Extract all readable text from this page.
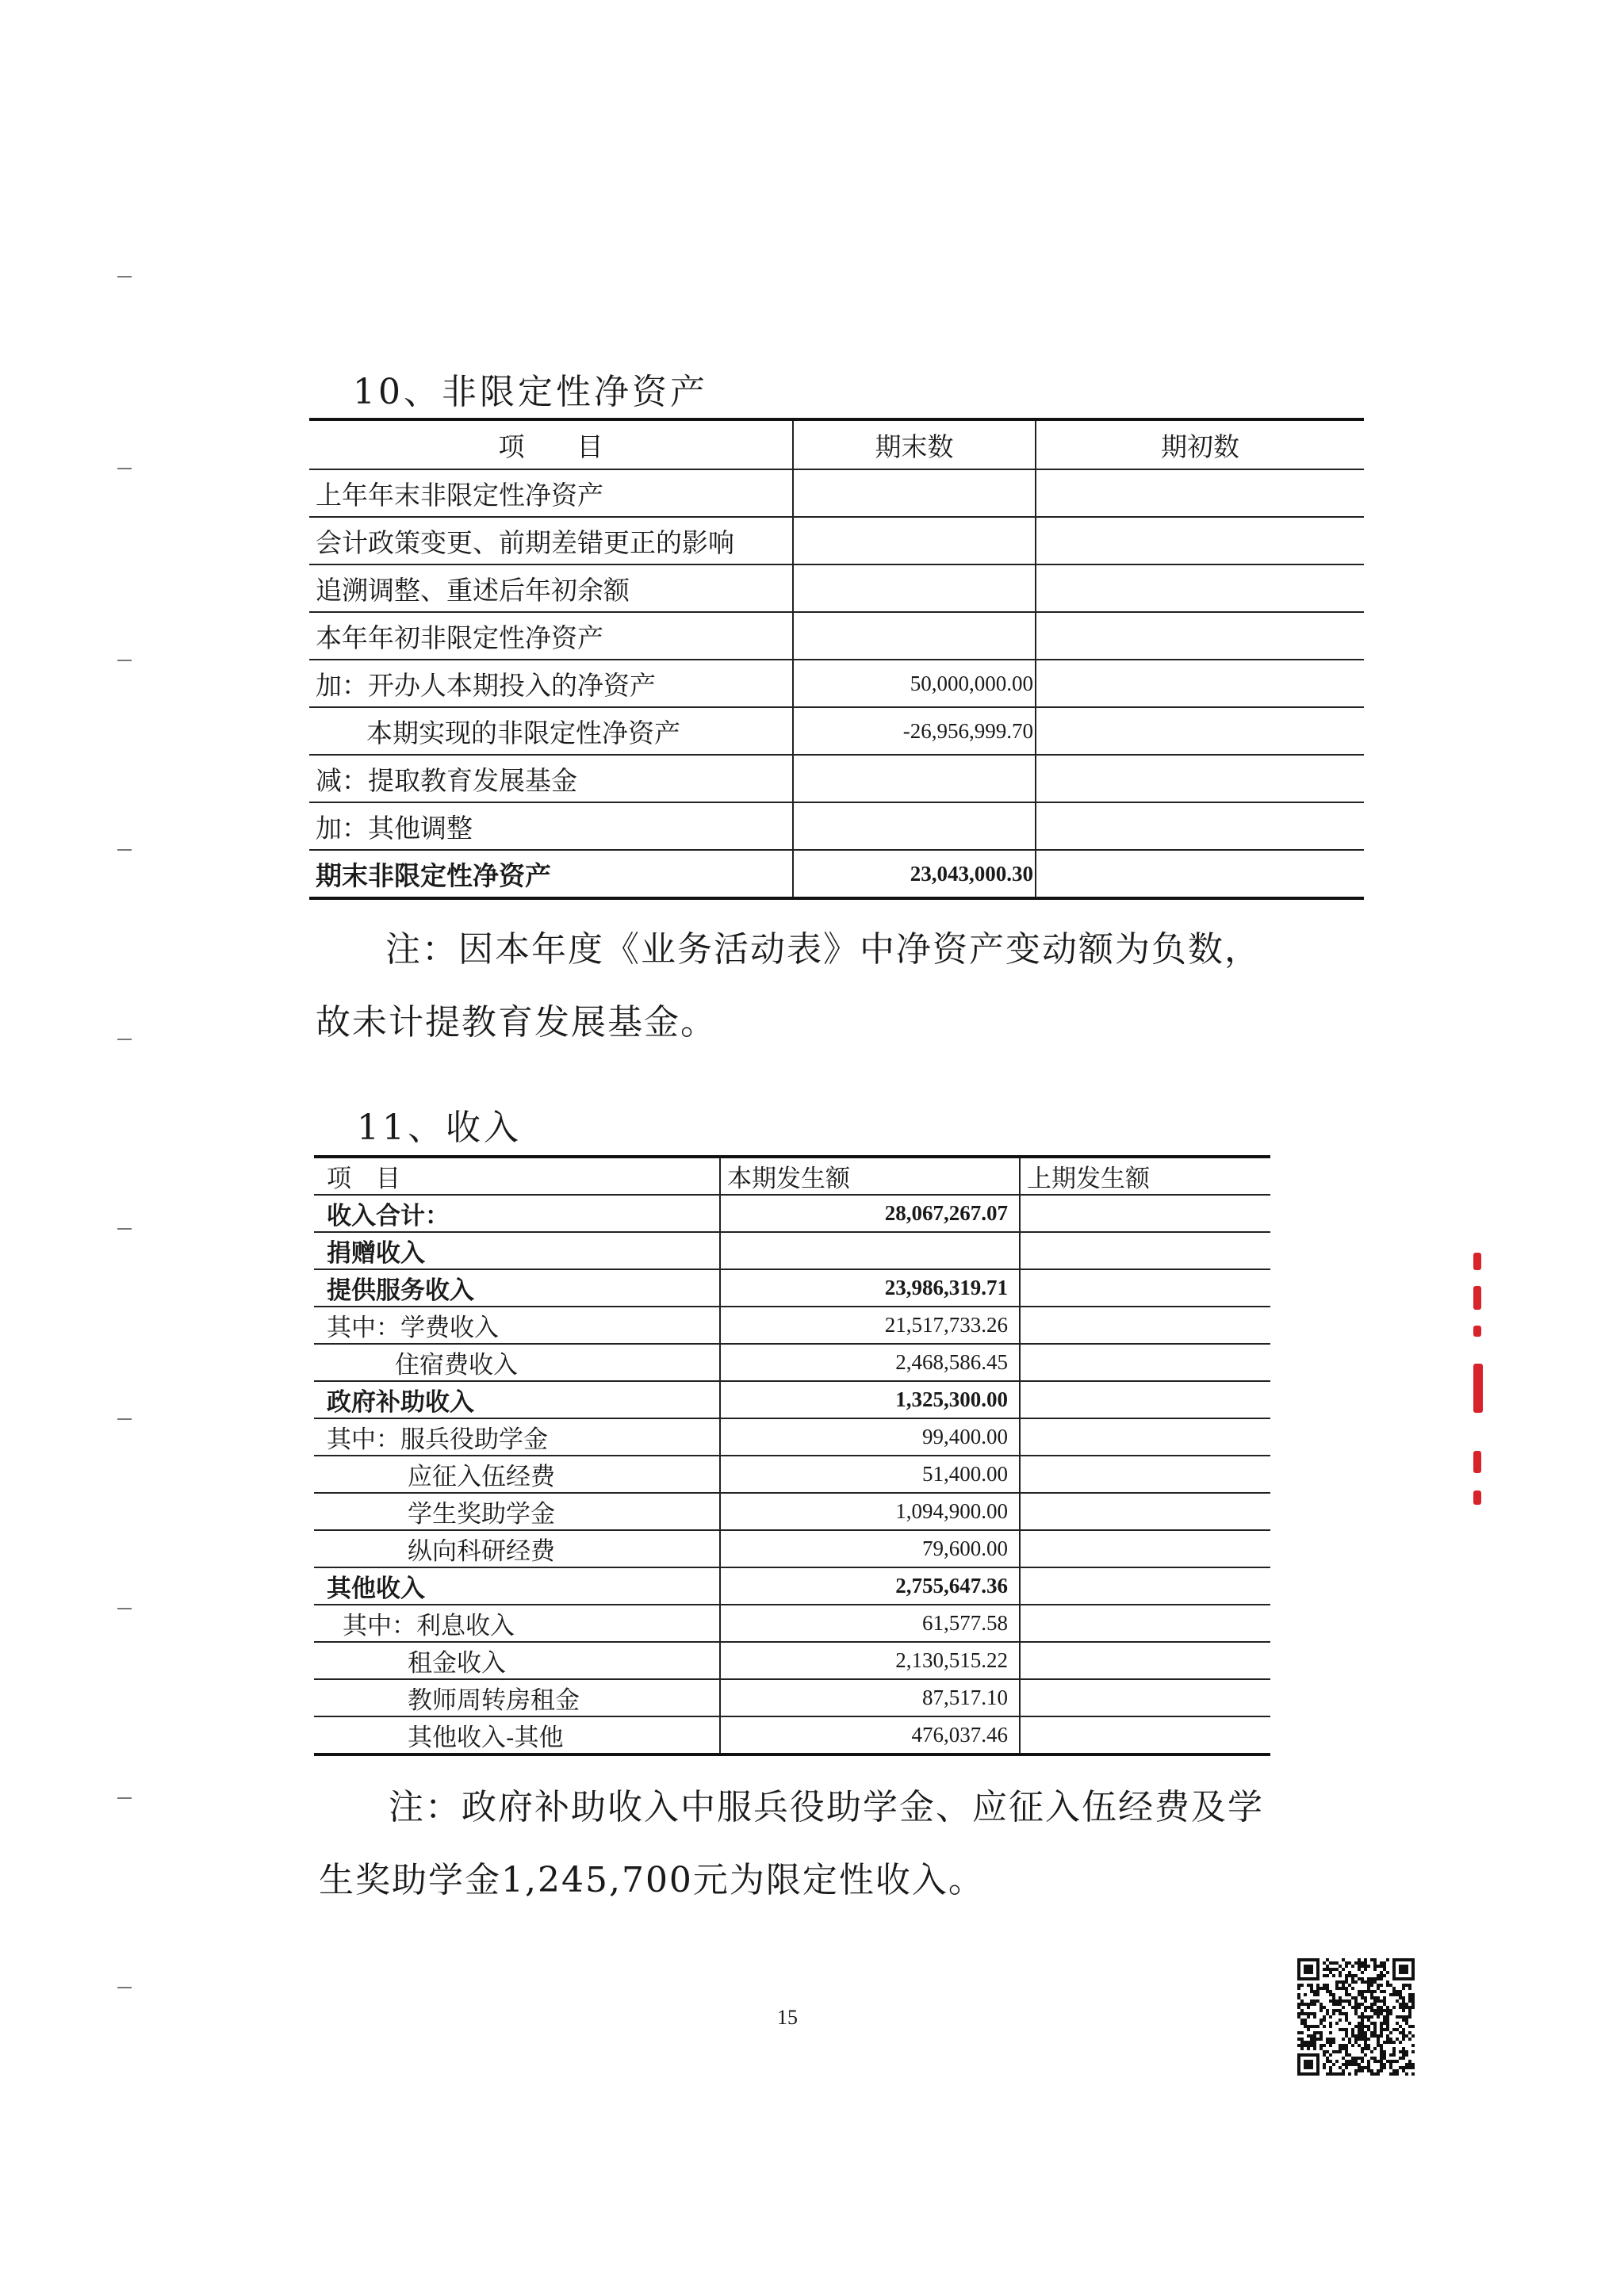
10、非限定性净资产
项　　目	期末数	期初数
上年年末非限定性净资产		
会计政策变更、前期差错更正的影响		
追溯调整、重述后年初余额		
本年年初非限定性净资产		
加：开办人本期投入的净资产	50,000,000.00	
本期实现的非限定性净资产	-26,956,999.70	
减：提取教育发展基金		
加：其他调整		
期末非限定性净资产	23,043,000.30	
注：因本年度《业务活动表》中净资产变动额为负数，
故未计提教育发展基金。
11、收入
项　目	本期发生额	上期发生额
收入合计：	28,067,267.07	
捐赠收入		
提供服务收入	23,986,319.71	
其中：学费收入	21,517,733.26	
住宿费收入	2,468,586.45	
政府补助收入	1,325,300.00	
其中：服兵役助学金	99,400.00	
应征入伍经费	51,400.00	
学生奖助学金	1,094,900.00	
纵向科研经费	79,600.00	
其他收入	2,755,647.36	
其中：利息收入	61,577.58	
租金收入	2,130,515.22	
教师周转房租金	87,517.10	
其他收入-其他	476,037.46	
注：政府补助收入中服兵役助学金、应征入伍经费及学
生奖助学金1,245,700元为限定性收入。
15
